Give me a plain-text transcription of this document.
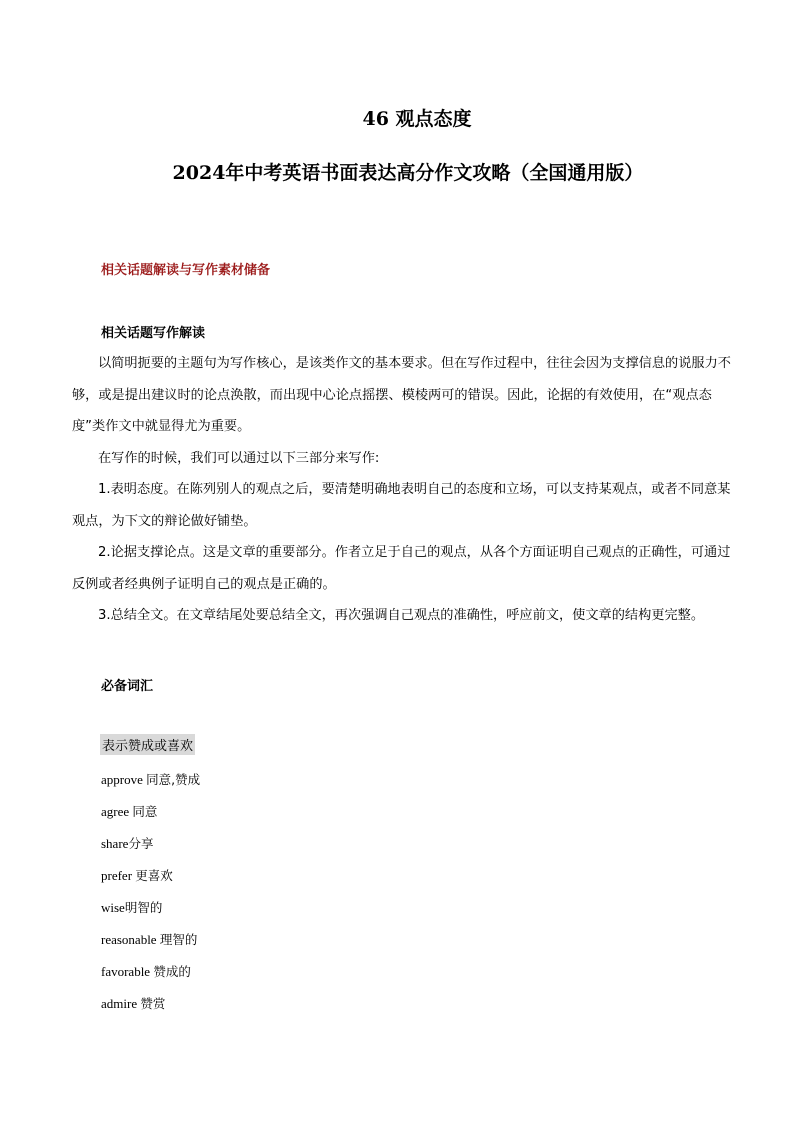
46 观点态度
2024年中考英语书面表达高分作文攻略（全国通用版）

相关话题解读与写作素材储备

相关话题写作解读

以简明扼要的主题句为写作核心，是该类作文的基本要求。但在写作过程中，往往会因为支撑信息的说服力不够，或是提出建议时的论点涣散，而出现中心论点摇摆、模棱两可的错误。因此，论据的有效使用，在“观点态度”类作文中就显得尤为重要。

在写作的时候，我们可以通过以下三部分来写作:

1.表明态度。在陈列别人的观点之后，要清楚明确地表明自己的态度和立场，可以支持某观点，或者不同意某观点，为下文的辩论做好铺垫。

2.论据支撑论点。这是文章的重要部分。作者立足于自己的观点，从各个方面证明自己观点的正确性，可通过反例或者经典例子证明自己的观点是正确的。

3.总结全文。在文章结尾处要总结全文，再次强调自己观点的准确性，呼应前文，使文章的结构更完整。

必备词汇

表示赞成或喜欢

approve 同意,赞成
agree 同意
share分享
prefer 更喜欢
wise明智的
reasonable 理智的
favorable 赞成的
admire 赞赏
